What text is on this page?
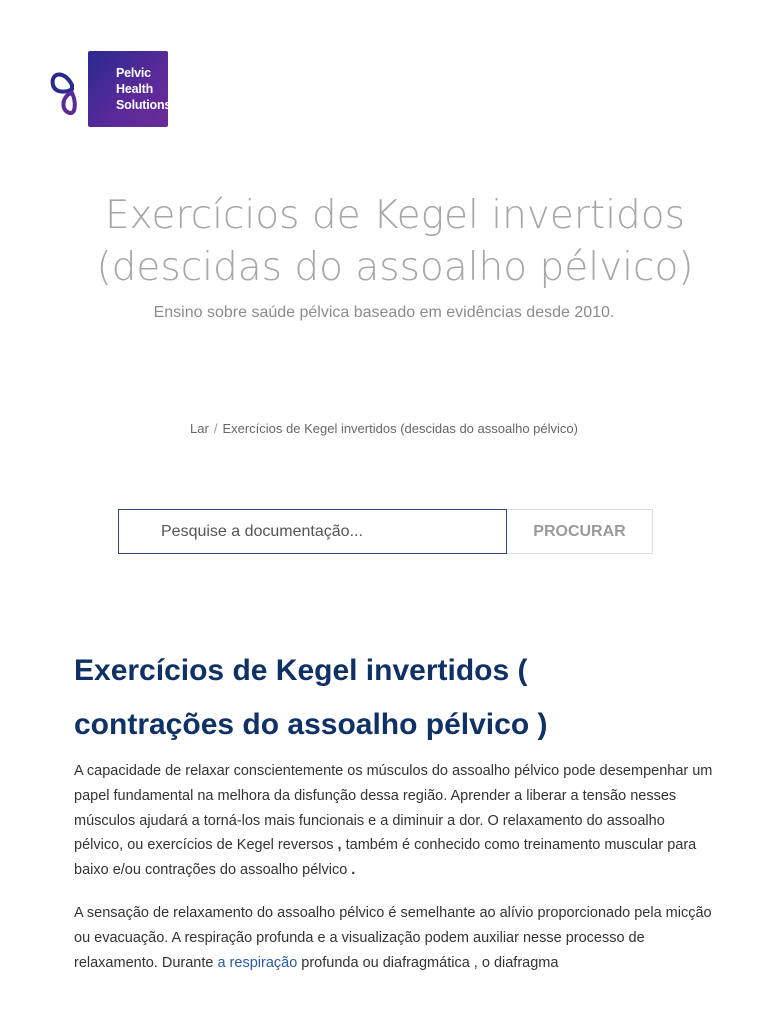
Pelvic
Health
Solutions
Exercícios de Kegel invertidos
(descidas do assoalho pélvico)
Ensino sobre saúde pélvica baseado em evidências desde 2010.
Lar / Exercícios de Kegel invertidos (descidas do assoalho pélvico)
Pesquise a documentação...	PROCURAR
Exercícios de Kegel invertidos (
contrações do assoalho pélvico )

A capacidade de relaxar conscientemente os músculos do assoalho pélvico pode desempenhar um papel fundamental na melhora da disfunção dessa região. Aprender a liberar a tensão nesses músculos ajudará a torná-los mais funcionais e a diminuir a dor. O relaxamento do assoalho pélvico, ou exercícios de Kegel reversos , também é conhecido como treinamento muscular para baixo e/ou contrações do assoalho pélvico .

A sensação de relaxamento do assoalho pélvico é semelhante ao alívio proporcionado pela micção ou evacuação. A respiração profunda e a visualização podem auxiliar nesse processo de relaxamento. Durante a respiração profunda ou diafragmática , o diafragma
